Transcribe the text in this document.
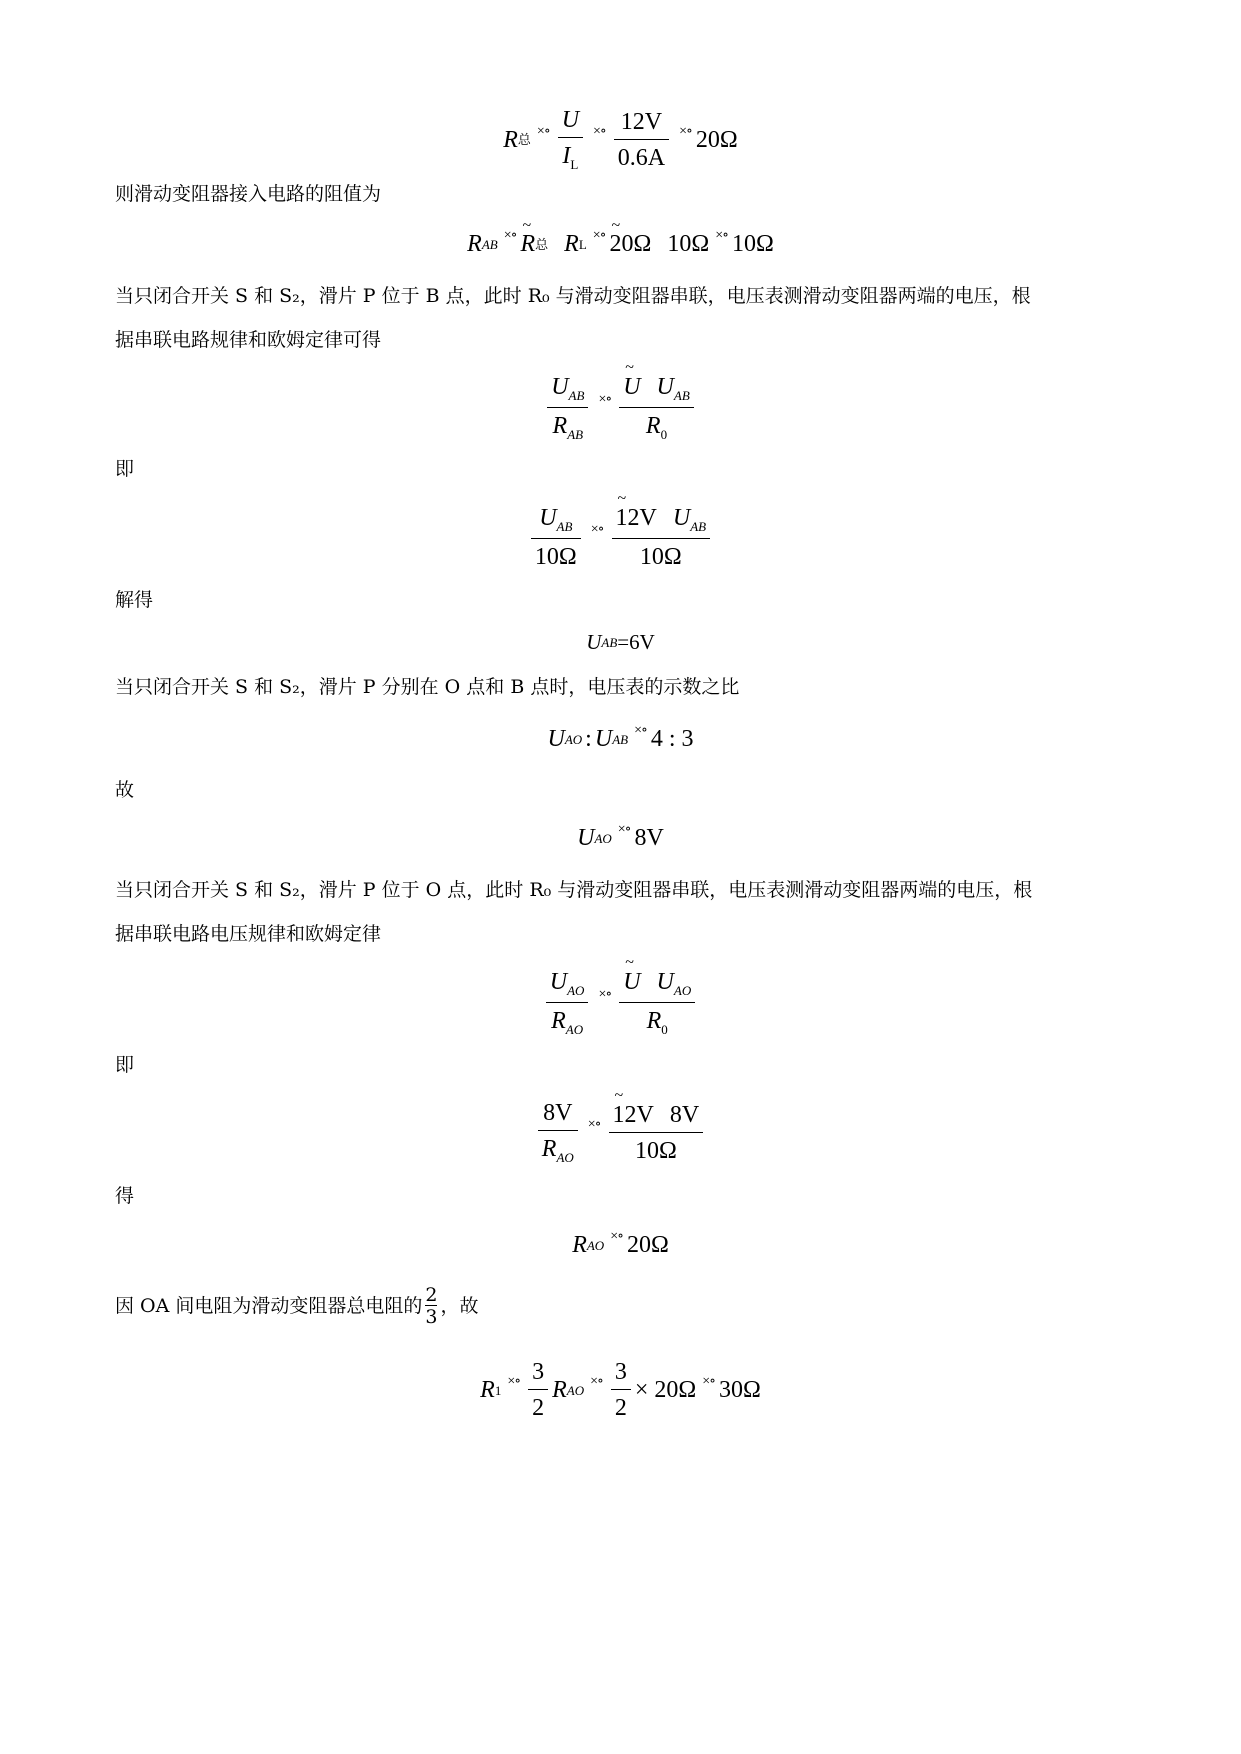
R 总
×∘ $\frac{U}{I_L}$ ×∘ $\frac{12V}{0.6A}$ ×∘ 20Ω
则滑动变阻器接入电路的阻值为
R AB
×∘ R ~ 总 R L
×∘ 20Ω ~ 10Ω ×∘ 10Ω
当只闭合开关 S 和 S₂，滑片 P 位于 B 点，此时 R₀ 与滑动变阻器串联，电压表测滑动变阻器两端的电压，根
据串联电路规律和欧姆定律可得
$\frac{U_{AB}}{R_{AB}}$ ×∘ $\frac{U \sim U_{AB}}{R_0}$
即
$\frac{U_{AB}}{10\Omega}$ ×∘ $\frac{12V \sim U_{AB}}{10\Omega}$
解得
U AB =6V
当只闭合开关 S 和 S₂，滑片 P 分别在 O 点和 B 点时，电压表的示数之比
U AO : U AB
×∘ 4 : 3
故
U AO
×∘ 8V
当只闭合开关 S 和 S₂，滑片 P 位于 O 点，此时 R₀ 与滑动变阻器串联，电压表测滑动变阻器两端的电压，根
据串联电路电压规律和欧姆定律
$\frac{U_{AO}}{R_{AO}}$ ×∘ $\frac{U \sim U_{AO}}{R_0}$
即
$\frac{8V}{R_{AO}}$ ×∘ $\frac{12V \sim 8V}{10\Omega}$
得
R AO
×∘ 20Ω
因 OA 间电阻为滑动变阻器总电阻的 $\frac{2}{3}$ ，故
R 1
×∘ $\frac{3}{2}$ R AO
×∘ $\frac{3}{2} \times 20\Omega$ ×∘ 30Ω
